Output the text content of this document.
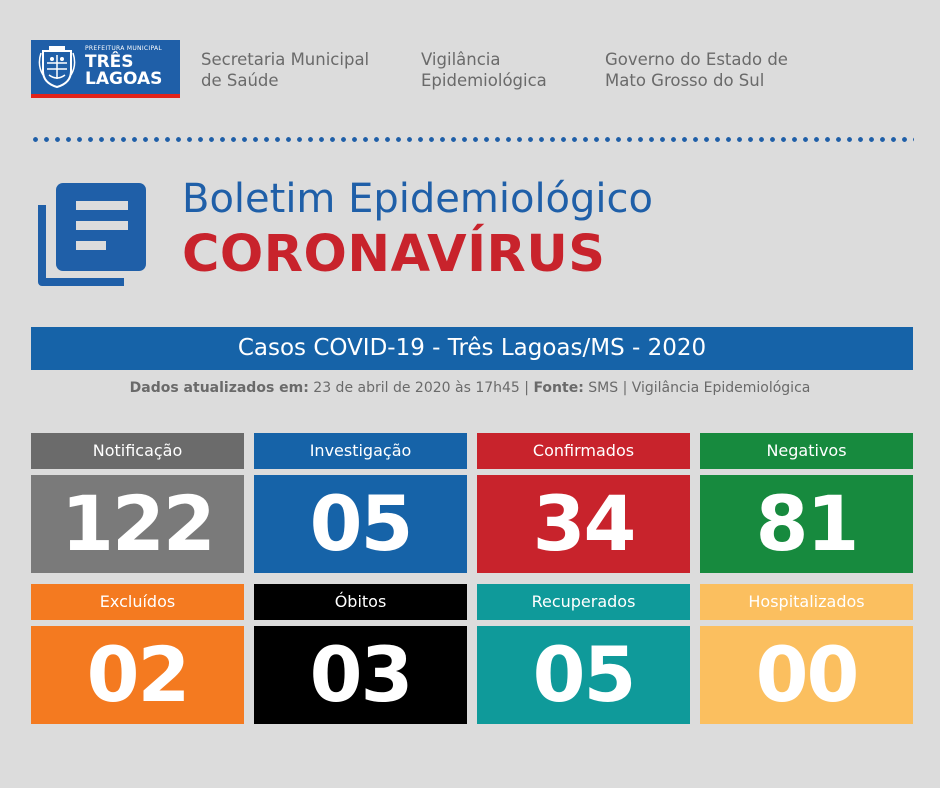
PREFEITURA MUNICIPAL
TRÊS
LAGOAS
Secretaria Municipal
de Saúde
Vigilância
Epidemiológica
Governo do Estado de
Mato Grosso do Sul
Boletim Epidemiológico
CORONAVÍRUS
Casos COVID-19 - Três Lagoas/MS - 2020
Dados atualizados em: 23 de abril de 2020 às 17h45 | Fonte: SMS | Vigilância Epidemiológica
Notificação
122
Investigação
05
Confirmados
34
Negativos
81
Excluídos
02
Óbitos
03
Recuperados
05
Hospitalizados
00
